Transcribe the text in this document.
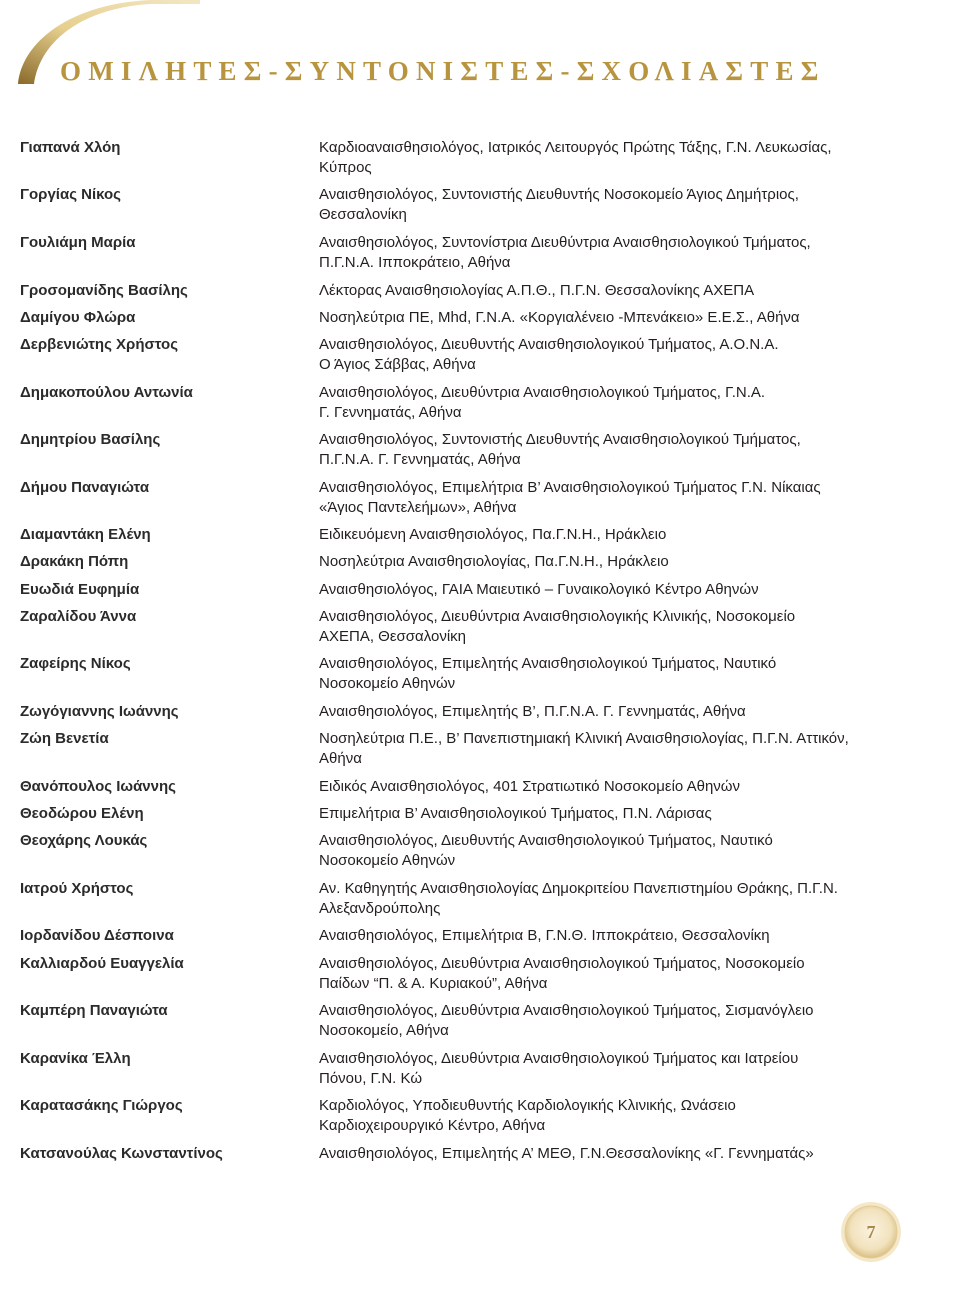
ΟΜΙΛΗΤΕΣ-ΣΥΝΤΟΝΙΣΤΕΣ-ΣΧΟΛΙΑΣΤΕΣ
Γιαπανά Χλόη	Καρδιοαναισθησιολόγος, Ιατρικός Λειτουργός Πρώτης Τάξης, Γ.Ν. Λευκωσίας,
Κύπρος
Γοργίας Νίκος	Αναισθησιολόγος, Συντονιστής Διευθυντής Νοσοκομείο Άγιος Δημήτριος,
Θεσσαλονίκη
Γουλιάμη Μαρία	Αναισθησιολόγος, Συντονίστρια Διευθύντρια Αναισθησιολογικού Τμήματος,
Π.Γ.Ν.Α. Ιπποκράτειο, Αθήνα
Γροσομανίδης Βασίλης	Λέκτορας Αναισθησιολογίας Α.Π.Θ., Π.Γ.Ν. Θεσσαλονίκης ΑΧΕΠΑ
Δαμίγου Φλώρα	Νοσηλεύτρια ΠΕ, Mhd, Γ.Ν.Α. «Κοργιαλένειο -Μπενάκειο» Ε.Ε.Σ., Αθήνα
Δερβενιώτης Χρήστος	Αναισθησιολόγος, Διευθυντής Αναισθησιολογικού Τμήματος, Α.Ο.Ν.Α.
Ο Άγιος Σάββας, Αθήνα
Δημακοπούλου Αντωνία	Αναισθησιολόγος, Διευθύντρια Αναισθησιολογικού Τμήματος, Γ.Ν.Α.
Γ. Γεννηματάς, Αθήνα
Δημητρίου Βασίλης	Αναισθησιολόγος, Συντονιστής Διευθυντής Αναισθησιολογικού Τμήματος,
Π.Γ.Ν.Α. Γ. Γεννηματάς, Αθήνα
Δήμου Παναγιώτα	Αναισθησιολόγος, Επιμελήτρια Β’ Αναισθησιολογικού Τμήματος Γ.Ν. Νίκαιας
«Άγιος Παντελεήμων», Αθήνα
Διαμαντάκη Ελένη	Ειδικευόμενη Αναισθησιολόγος, Πα.Γ.Ν.Η., Ηράκλειο
Δρακάκη Πόπη	Νοσηλεύτρια Αναισθησιολογίας, Πα.Γ.Ν.Η., Ηράκλειο
Ευωδιά Ευφημία	Αναισθησιολόγος, ΓΑΙΑ Μαιευτικό – Γυναικολογικό Κέντρο Αθηνών
Ζαραλίδου Άννα	Αναισθησιολόγος, Διευθύντρια Αναισθησιολογικής Κλινικής, Νοσοκομείο
ΑΧΕΠΑ, Θεσσαλονίκη
Ζαφείρης Νίκος	Αναισθησιολόγος, Επιμελητής Αναισθησιολογικού Τμήματος, Ναυτικό
Νοσοκομείο Αθηνών
Ζωγόγιαννης Ιωάννης	Αναισθησιολόγος, Επιμελητής Β’, Π.Γ.Ν.Α. Γ. Γεννηματάς, Αθήνα
Ζώη Βενετία	Νοσηλεύτρια Π.Ε., Β’ Πανεπιστημιακή Κλινική Αναισθησιολογίας, Π.Γ.Ν. Αττικόν,
Αθήνα
Θανόπουλος Ιωάννης	Ειδικός Αναισθησιολόγος, 401 Στρατιωτικό Νοσοκομείο Αθηνών
Θεοδώρου Ελένη	Επιμελήτρια Β’ Αναισθησιολογικού Τμήματος, Π.Ν. Λάρισας
Θεοχάρης Λουκάς	Αναισθησιολόγος, Διευθυντής Αναισθησιολογικού Τμήματος, Ναυτικό
Νοσοκομείο Αθηνών
Ιατρού Χρήστος	Αν. Καθηγητής Αναισθησιολογίας Δημοκριτείου Πανεπιστημίου Θράκης, Π.Γ.Ν.
Αλεξανδρούπολης
Ιορδανίδου Δέσποινα	Αναισθησιολόγος, Επιμελήτρια Β, Γ.Ν.Θ. Ιπποκράτειο, Θεσσαλονίκη
Καλλιαρδού Ευαγγελία	Αναισθησιολόγος, Διευθύντρια Αναισθησιολογικού Τμήματος, Νοσοκομείο
Παίδων “Π. & Α. Κυριακού”, Αθήνα
Καμπέρη Παναγιώτα	Αναισθησιολόγος, Διευθύντρια Αναισθησιολογικού Τμήματος, Σισμανόγλειο
Νοσοκομείο, Αθήνα
Καρανίκα Έλλη	Αναισθησιολόγος, Διευθύντρια Αναισθησιολογικού Τμήματος και Ιατρείου
Πόνου, Γ.Ν. Κώ
Καρατασάκης Γιώργος	Καρδιολόγος, Υποδιευθυντής Καρδιολογικής Κλινικής, Ωνάσειο
Καρδιοχειρουργικό Κέντρο, Αθήνα
Κατσανούλας Κωνσταντίνος	Αναισθησιολόγος, Επιμελητής Α’ ΜΕΘ, Γ.Ν.Θεσσαλονίκης «Γ. Γεννηματάς»
7
